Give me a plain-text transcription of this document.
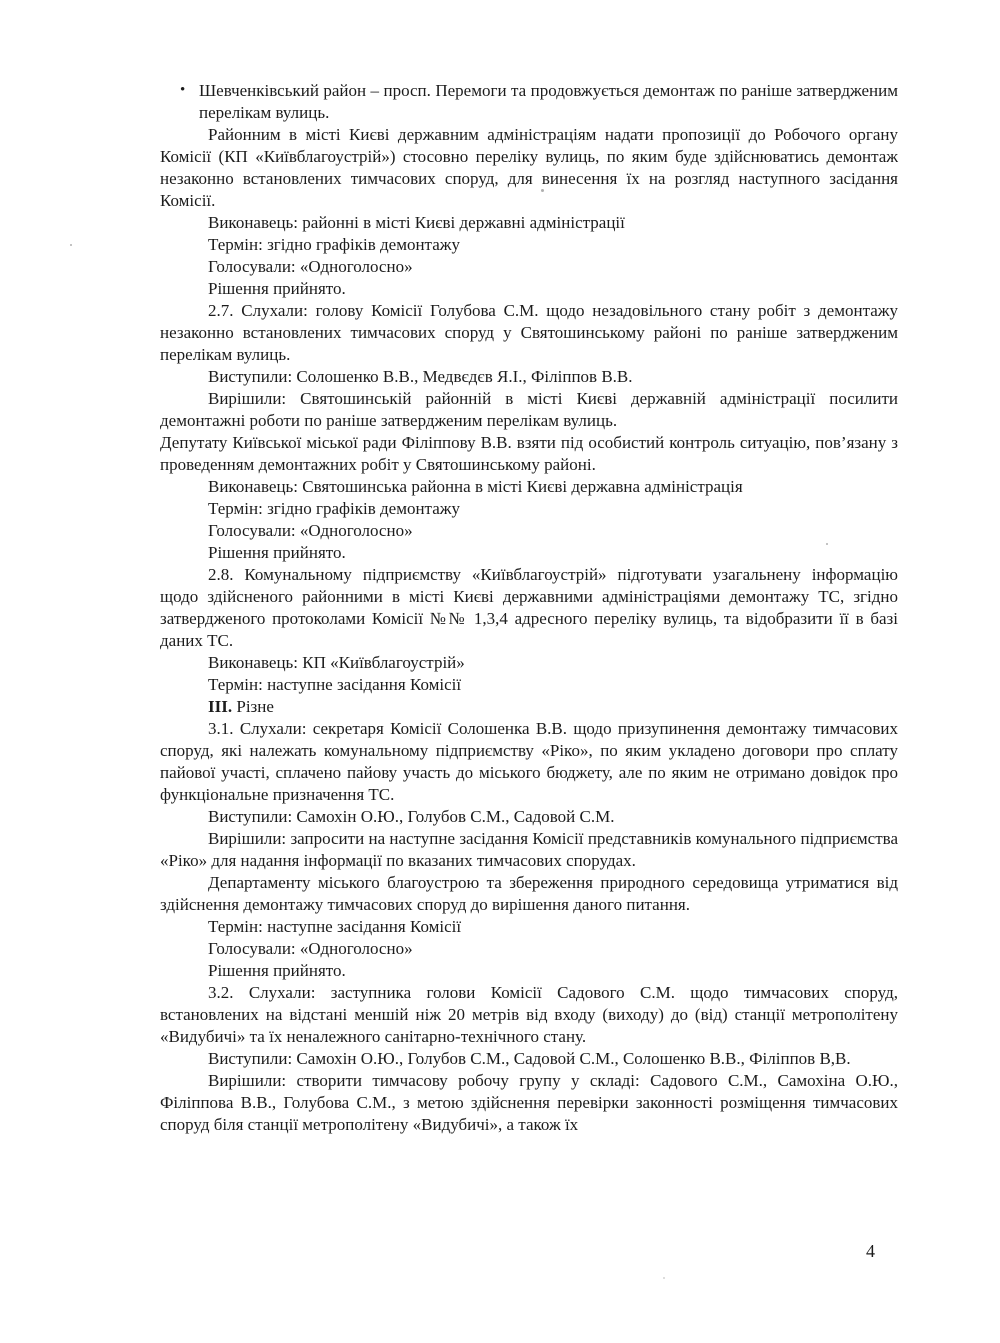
• Шевченківський район – просп. Перемоги та продовжується демонтаж по раніше затвердженим перелікам вулиць.

Районним в місті Києві державним адміністраціям надати пропозиції до Робочого органу Комісії (КП «Київблагоустрій») стосовно переліку вулиць, по яким буде здійснюватись демонтаж незаконно встановлених тимчасових споруд, для винесення їх на розгляд наступного засідання Комісії.

Виконавець: районні в місті Києві державні адміністрації

Термін: згідно графіків демонтажу

Голосували: «Одноголосно»

Рішення прийнято.

2.7. Слухали: голову Комісії Голубова С.М. щодо незадовільного стану робіт з демонтажу незаконно встановлених тимчасових споруд у Святошинському районі по раніше затвердженим перелікам вулиць.

Виступили: Солошенко В.В., Медвєдєв Я.І., Філіппов В.В.

Вирішили: Святошинській районній в місті Києві державній адміністрації посилити демонтажні роботи по раніше затвердженим перелікам вулиць.

Депутату Київської міської ради Філіппову В.В. взяти під особистий контроль ситуацію, пов’язану з проведенням демонтажних робіт у Святошинському районі.

Виконавець: Святошинська районна в місті Києві державна адміністрація

Термін: згідно графіків демонтажу

Голосували: «Одноголосно»

Рішення прийнято.

2.8. Комунальному підприємству «Київблагоустрій» підготувати узагальнену інформацію щодо здійсненого районними в місті Києві державними адміністраціями демонтажу ТС, згідно затвердженого протоколами Комісії №№ 1,3,4 адресного переліку вулиць, та відобразити її в базі даних ТС.

Виконавець: КП «Київблагоустрій»

Термін: наступне засідання Комісії

ІІІ. Різне

3.1. Слухали: секретаря Комісії Солошенка В.В. щодо призупинення демонтажу тимчасових споруд, які належать комунальному підприємству «Ріко», по яким укладено договори про сплату пайової участі, сплачено пайову участь до міського бюджету, але по яким не отримано довідок про функціональне призначення ТС.

Виступили: Самохін О.Ю., Голубов С.М., Садовой С.М.

Вирішили: запросити на наступне засідання Комісії представників комунального підприємства «Ріко» для надання інформації по вказаних тимчасових спорудах.

Департаменту міського благоустрою та збереження природного середовища утриматися від здійснення демонтажу тимчасових споруд до вирішення даного питання.

Термін: наступне засідання Комісії

Голосували: «Одноголосно»

Рішення прийнято.

3.2. Слухали: заступника голови Комісії Садового С.М. щодо тимчасових споруд, встановлених на відстані меншій ніж 20 метрів від входу (виходу) до (від) станції метрополітену «Видубичі» та їх неналежного санітарно-технічного стану.

Виступили: Самохін О.Ю., Голубов С.М., Садовой С.М., Солошенко В.В., Філіппов В,В.

Вирішили: створити тимчасову робочу групу у складі: Садового С.М., Самохіна О.Ю., Філіппова В.В., Голубова С.М., з метою здійснення перевірки законності розміщення тимчасових споруд біля станції метрополітену «Видубичі», а також їх

4
